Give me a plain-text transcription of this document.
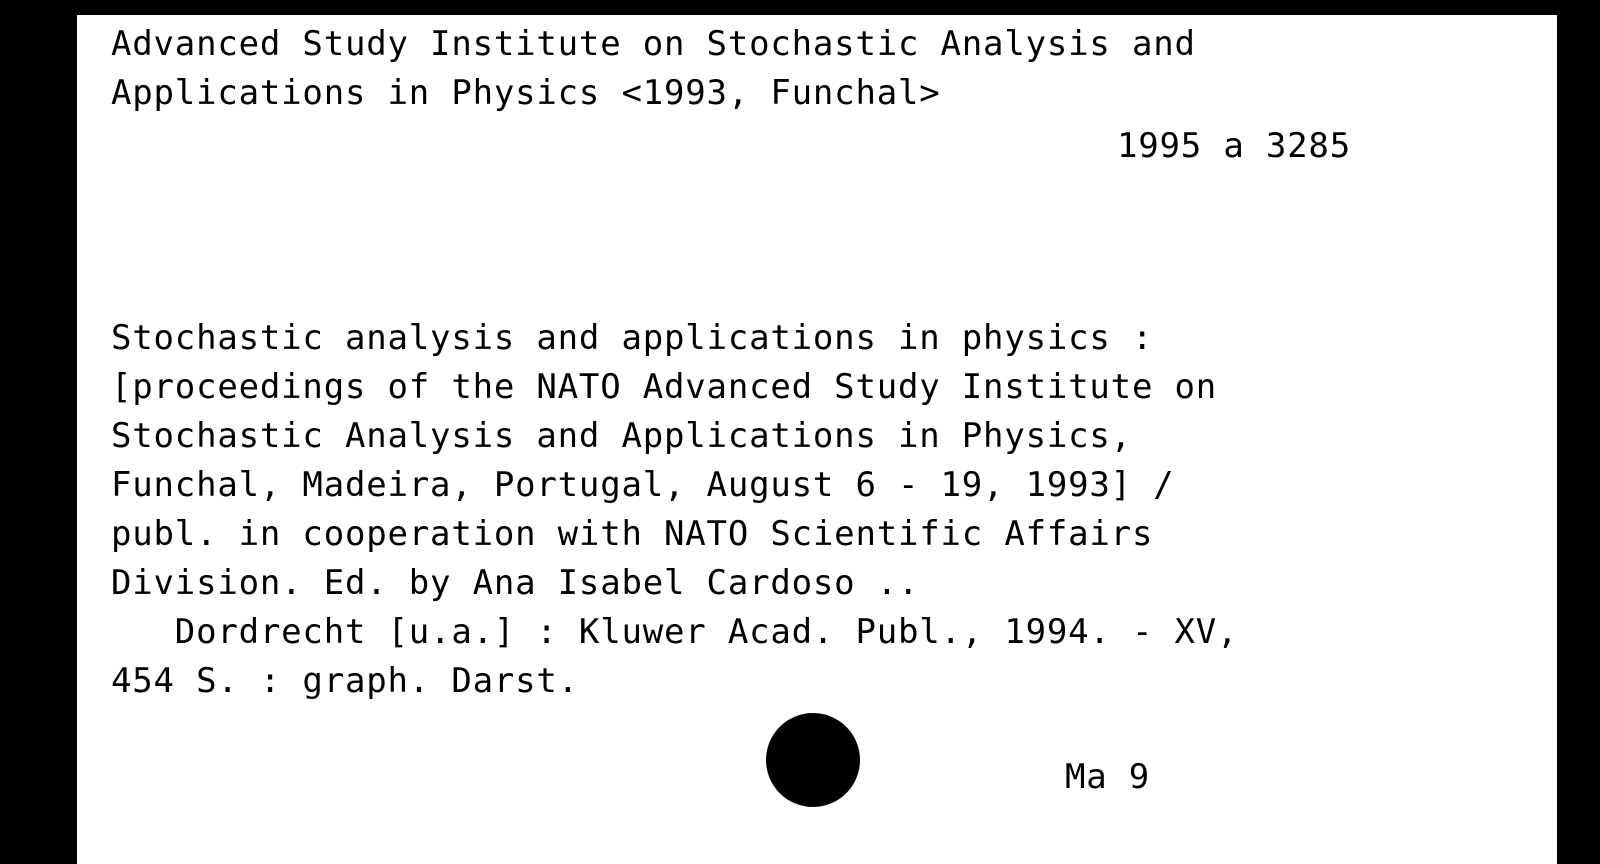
Advanced Study Institute on Stochastic Analysis and

Applications in Physics <1993, Funchal>

1995 a 3285

Stochastic analysis and applications in physics :

[proceedings of the NATO Advanced Study Institute on

Stochastic Analysis and Applications in Physics,

Funchal, Madeira, Portugal, August 6 - 19, 1993] /

publ. in cooperation with NATO Scientific Affairs

Division. Ed. by Ana Isabel Cardoso ..

Dordrecht [u.a.] : Kluwer Acad. Publ., 1994. - XV,

454 S. : graph. Darst.

Ma 9
